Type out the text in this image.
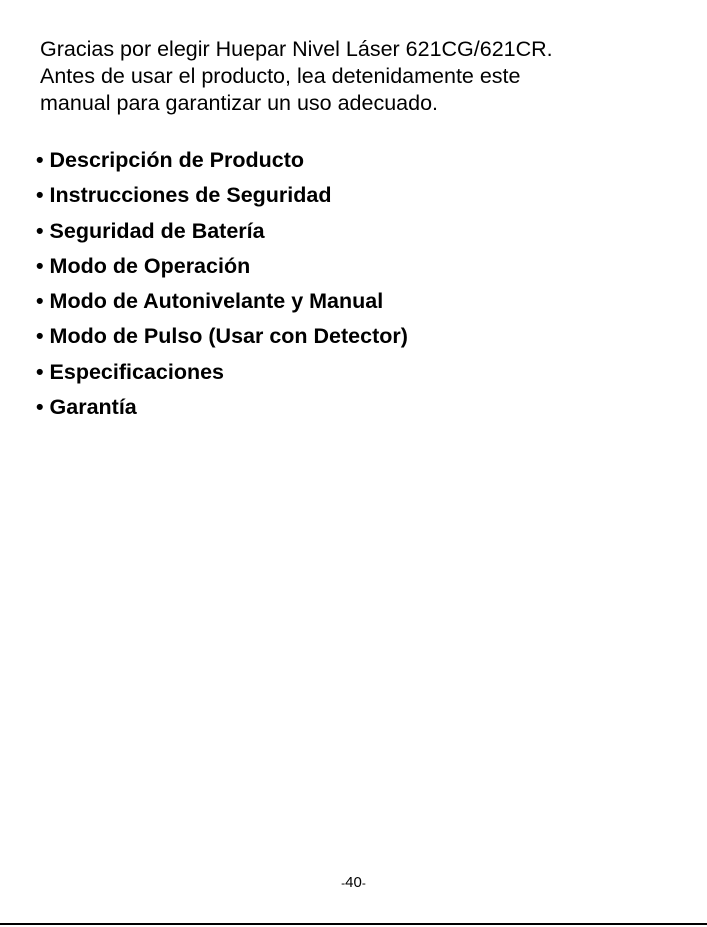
Gracias por elegir Huepar Nivel Láser 621CG/621CR.

Antes de usar el producto, lea detenidamente este

manual para garantizar un uso adecuado.

• Descripción de Producto
• Instrucciones de Seguridad
• Seguridad de Batería
• Modo de Operación
• Modo de Autonivelante y Manual
• Modo de Pulso (Usar con Detector)
• Especificaciones
• Garantía
-40-
